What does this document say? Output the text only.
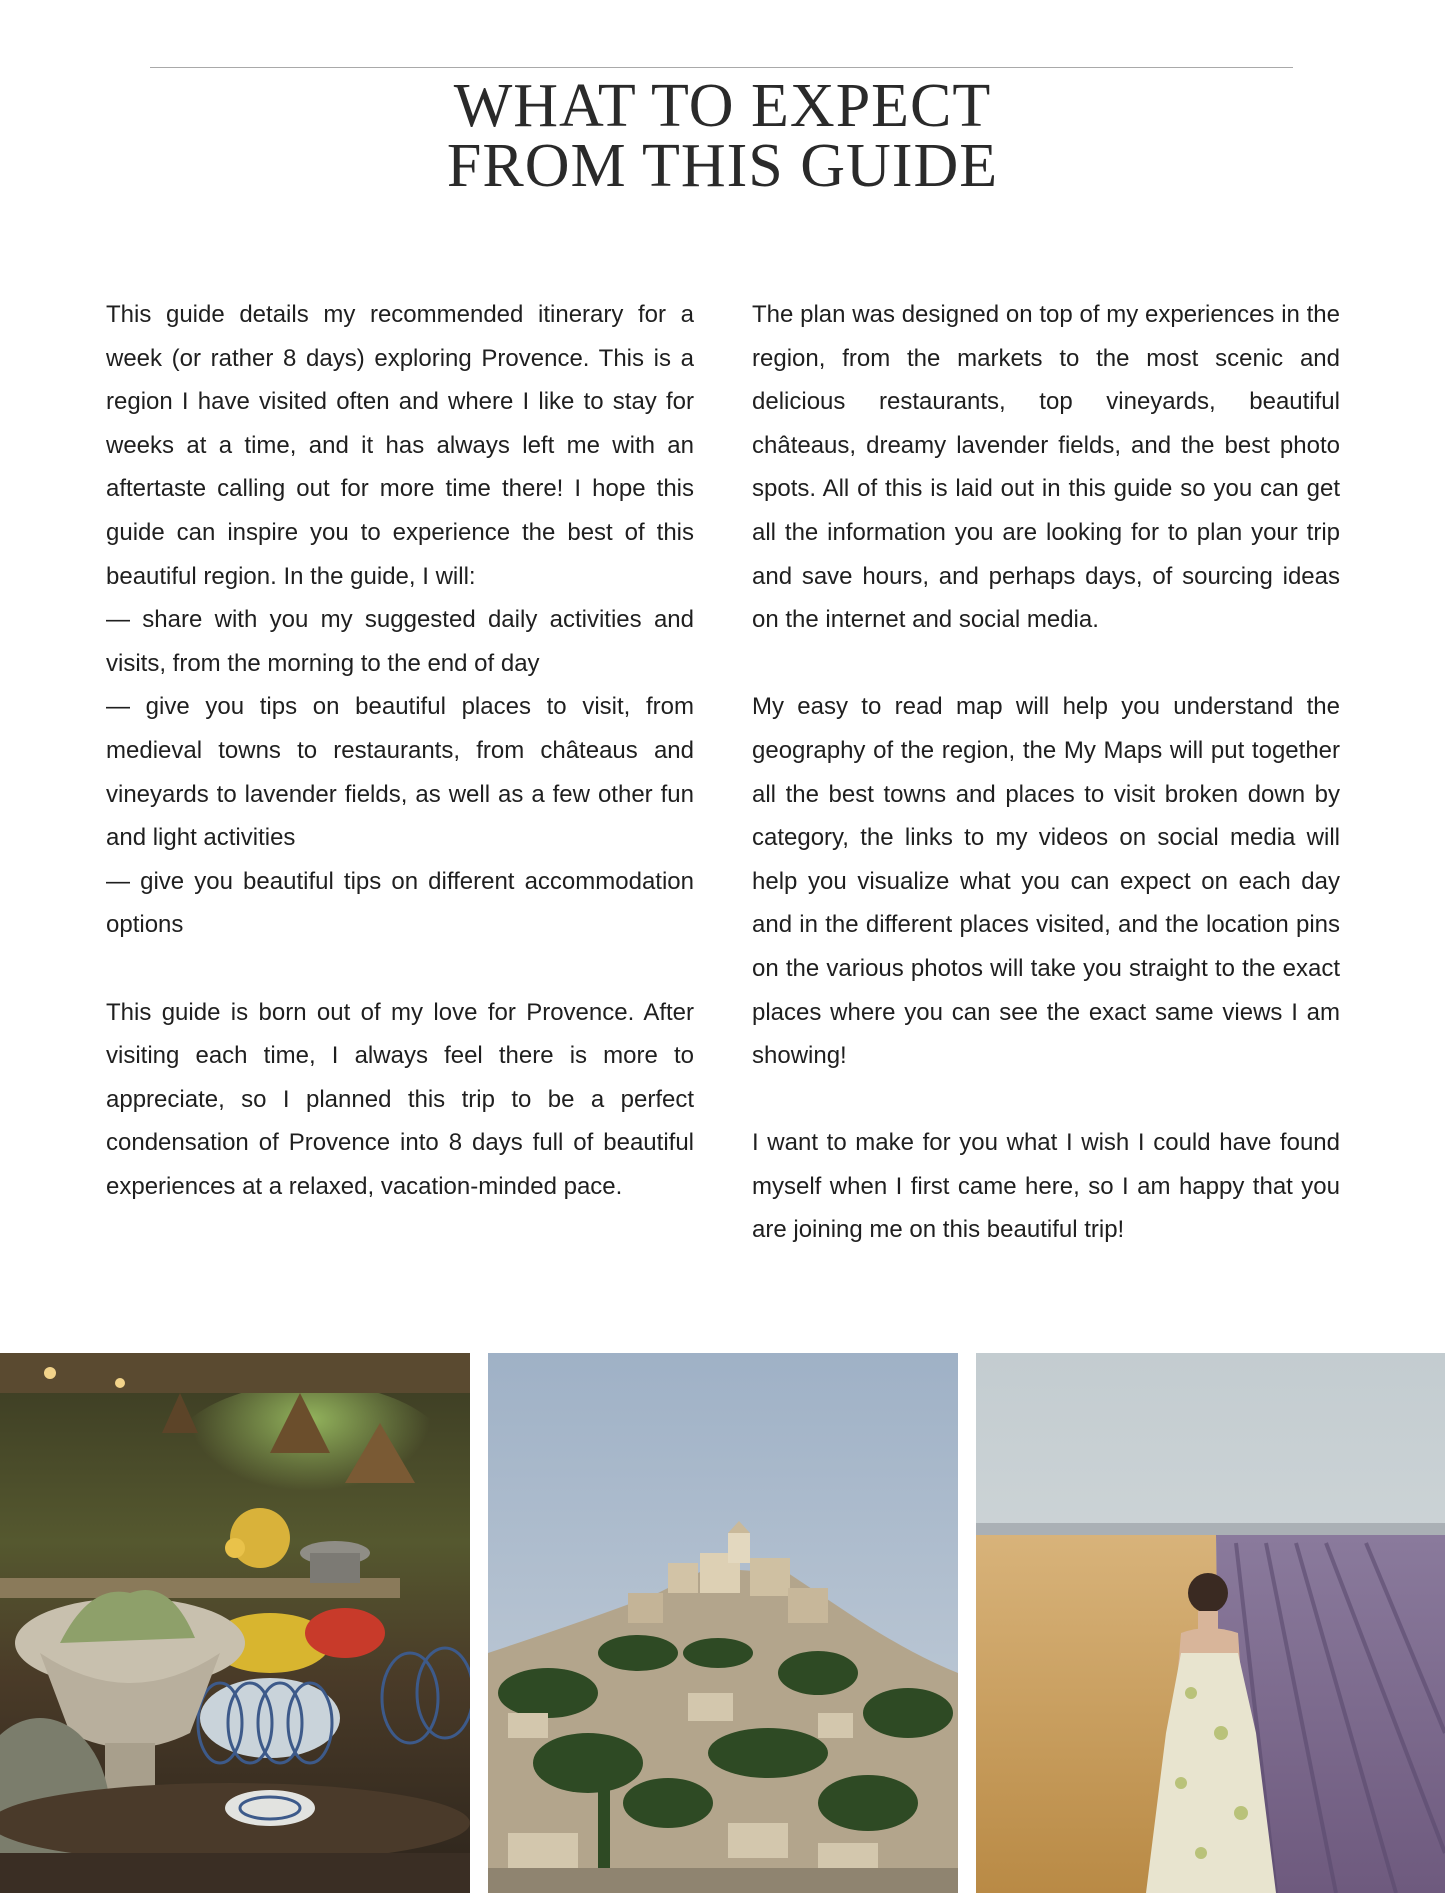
WHAT TO EXPECT
FROM THIS GUIDE

This guide details my recommended itinerary for a week (or rather 8 days) exploring Provence. This is a region I have visited often and where I like to stay for weeks at a time, and it has always left me with an aftertaste calling out for more time there! I hope this guide can inspire you to experience the best of this beautiful region. In the guide, I will:

— share with you my suggested daily activities and visits, from the morning to the end of day

— give you tips on beautiful places to visit, from medieval towns to restaurants, from châteaus and vineyards to lavender fields, as well as a few other fun and light activities

— give you beautiful tips on different accommodation options

This guide is born out of my love for Provence. After visiting each time, I always feel there is more to appreciate, so I planned this trip to be a perfect condensation of Provence into 8 days full of beautiful experiences at a relaxed, vacation-minded pace.

The plan was designed on top of my experiences in the region, from the markets to the most scenic and delicious restaurants, top vineyards, beautiful châteaus, dreamy lavender fields, and the best photo spots. All of this is laid out in this guide so you can get all the information you are looking for to plan your trip and save hours, and perhaps days, of sourcing ideas on the internet and social media.

My easy to read map will help you understand the geography of the region, the My Maps will put together all the best towns and places to visit broken down by category, the links to my videos on social media will help you visualize what you can expect on each day and in the different places visited, and the location pins on the various photos will take you straight to the exact places where you can see the exact same views I am showing!

I want to make for you what I wish I could have found myself when I first came here, so I am happy that you are joining me on this beautiful trip!
